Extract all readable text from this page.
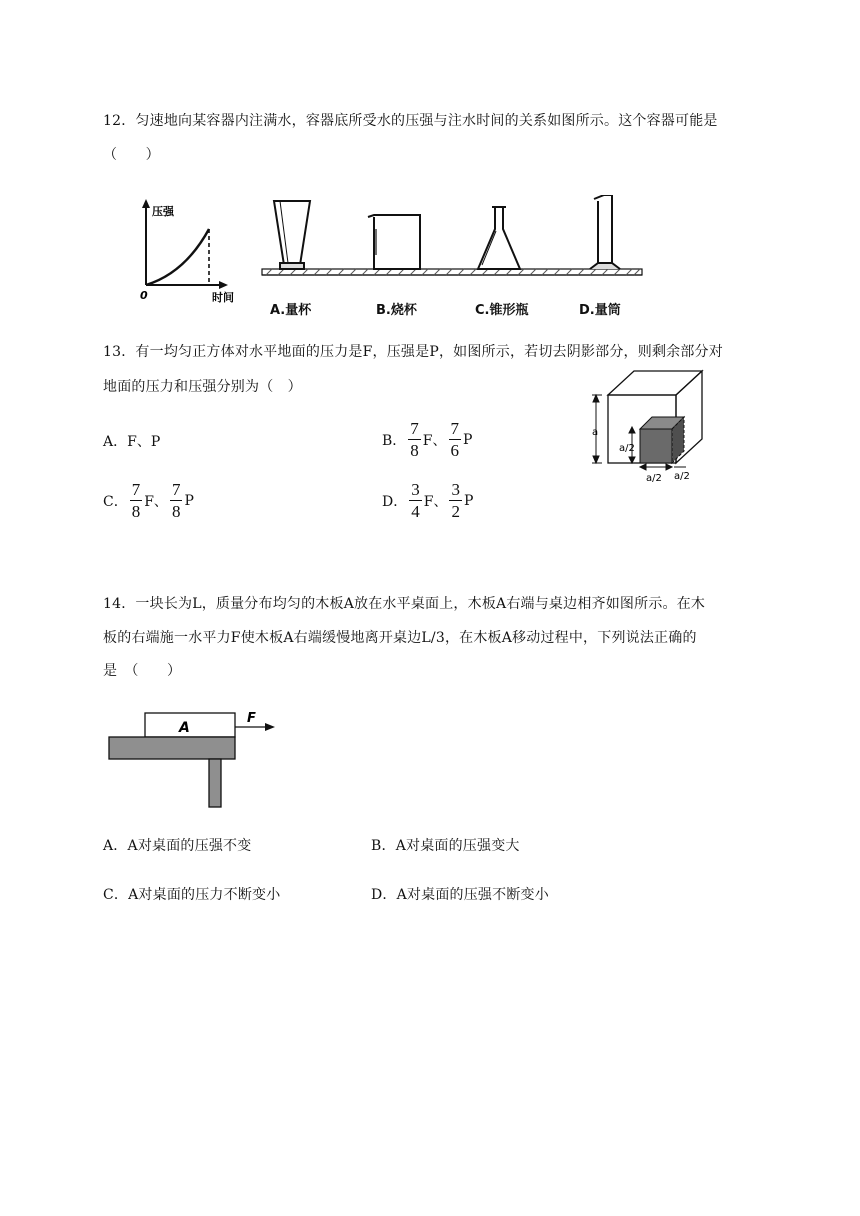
12．匀速地向某容器内注满水，容器底所受水的压强与注水时间的关系如图所示。这个容器可能是
（　　）
压强
时间
0
A.量杯	B.烧杯	C.锥形瓶	D.量筒
13．有一均匀正方体对水平地面的压力是F，压强是P，如图所示，若切去阴影部分，则剩余部分对
地面的压力和压强分别为（　）
A． F、P	B． $\frac{7}{8}$ F、 $\frac{7}{6}$ P
C． $\frac{7}{8}$ F、 $\frac{7}{8}$ P	D． $\frac{3}{4}$ F、 $\frac{3}{2}$ P
a
a/2
a/2 a/2
14．一块长为L，质量分布均匀的木板A放在水平桌面上，木板A右端与桌边相齐如图所示。在木
板的右端施一水平力F使木板A右端缓慢地离开桌边L/3，在木板A移动过程中，下列说法正确的
是　（　　）
A
F
A．A对桌面的压强不变	B．A对桌面的压强变大
C．A对桌面的压力不断变小	D．A对桌面的压强不断变小
